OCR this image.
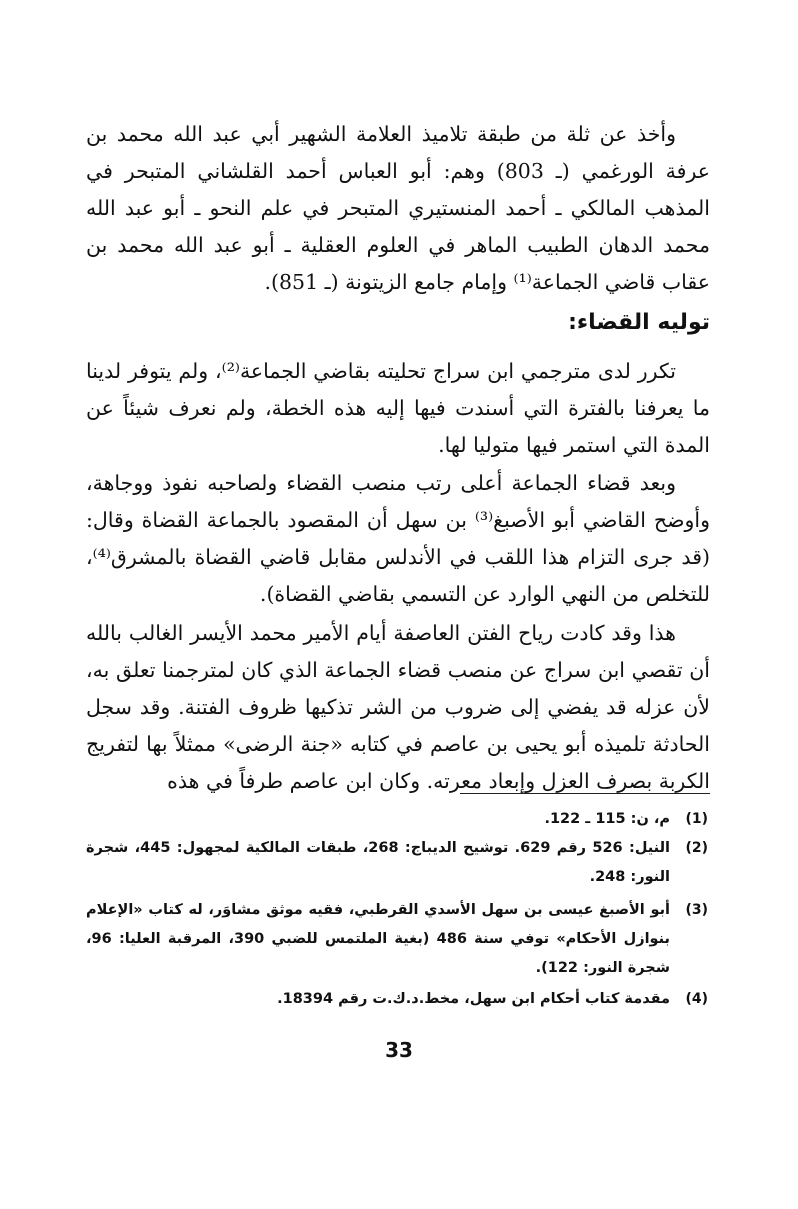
وأخذ عن ثلة من طبقة تلاميذ العلامة الشهير أبي عبد الله محمد بن عرفة الورغمي (ـ 803) وهم: أبو العباس أحمد القلشاني المتبحر في المذهب المالكي ـ أحمد المنستيري المتبحر في علم النحو ـ أبو عبد الله محمد الدهان الطبيب الماهر في العلوم العقلية ـ أبو عبد الله محمد بن عقاب قاضي الجماعة⁽¹⁾ وإمام جامع الزيتونة (ـ 851).

توليه القضاء:

تكرر لدى مترجمي ابن سراج تحليته بقاضي الجماعة⁽²⁾، ولم يتوفر لدينا ما يعرفنا بالفترة التي أسندت فيها إليه هذه الخطة، ولم نعرف شيئاً عن المدة التي استمر فيها متوليا لها.

وبعد قضاء الجماعة أعلى رتب منصب القضاء ولصاحبه نفوذ ووجاهة، وأوضح القاضي أبو الأصبغ⁽³⁾ بن سهل أن المقصود بالجماعة القضاة وقال: (قد جرى التزام هذا اللقب في الأندلس مقابل قاضي القضاة بالمشرق⁽⁴⁾، للتخلص من النهي الوارد عن التسمي بقاضي القضاة).

هذا وقد كادت رياح الفتن العاصفة أيام الأمير محمد الأيسر الغالب بالله أن تقصي ابن سراج عن منصب قضاء الجماعة الذي كان لمترجمنا تعلق به، لأن عزله قد يفضي إلى ضروب من الشر تذكيها ظروف الفتنة. وقد سجل الحادثة تلميذه أبو يحيى بن عاصم في كتابه «جنة الرضى» ممثلاً بها لتفريج الكربة بصرف العزل وإبعاد معرته. وكان ابن عاصم طرفاً في هذه

(1)

م، ن: 115 ـ 122.

(2)

النيل: 526 رقم 629. توشيح الديباج: 268، طبقات المالكية لمجهول: 445، شجرة النور: 248.

(3)

أبو الأصبغ عيسى بن سهل الأسدي القرطبي، فقيه موثق مشاوَر، له كتاب «الإعلام بنوازل الأحكام» توفي سنة 486 (بغية الملتمس للضبي 390، المرقبة العليا: 96، شجرة النور: 122).

(4)

مقدمة كتاب أحكام ابن سهل، مخط.د.ك.ت رقم 18394.

33
